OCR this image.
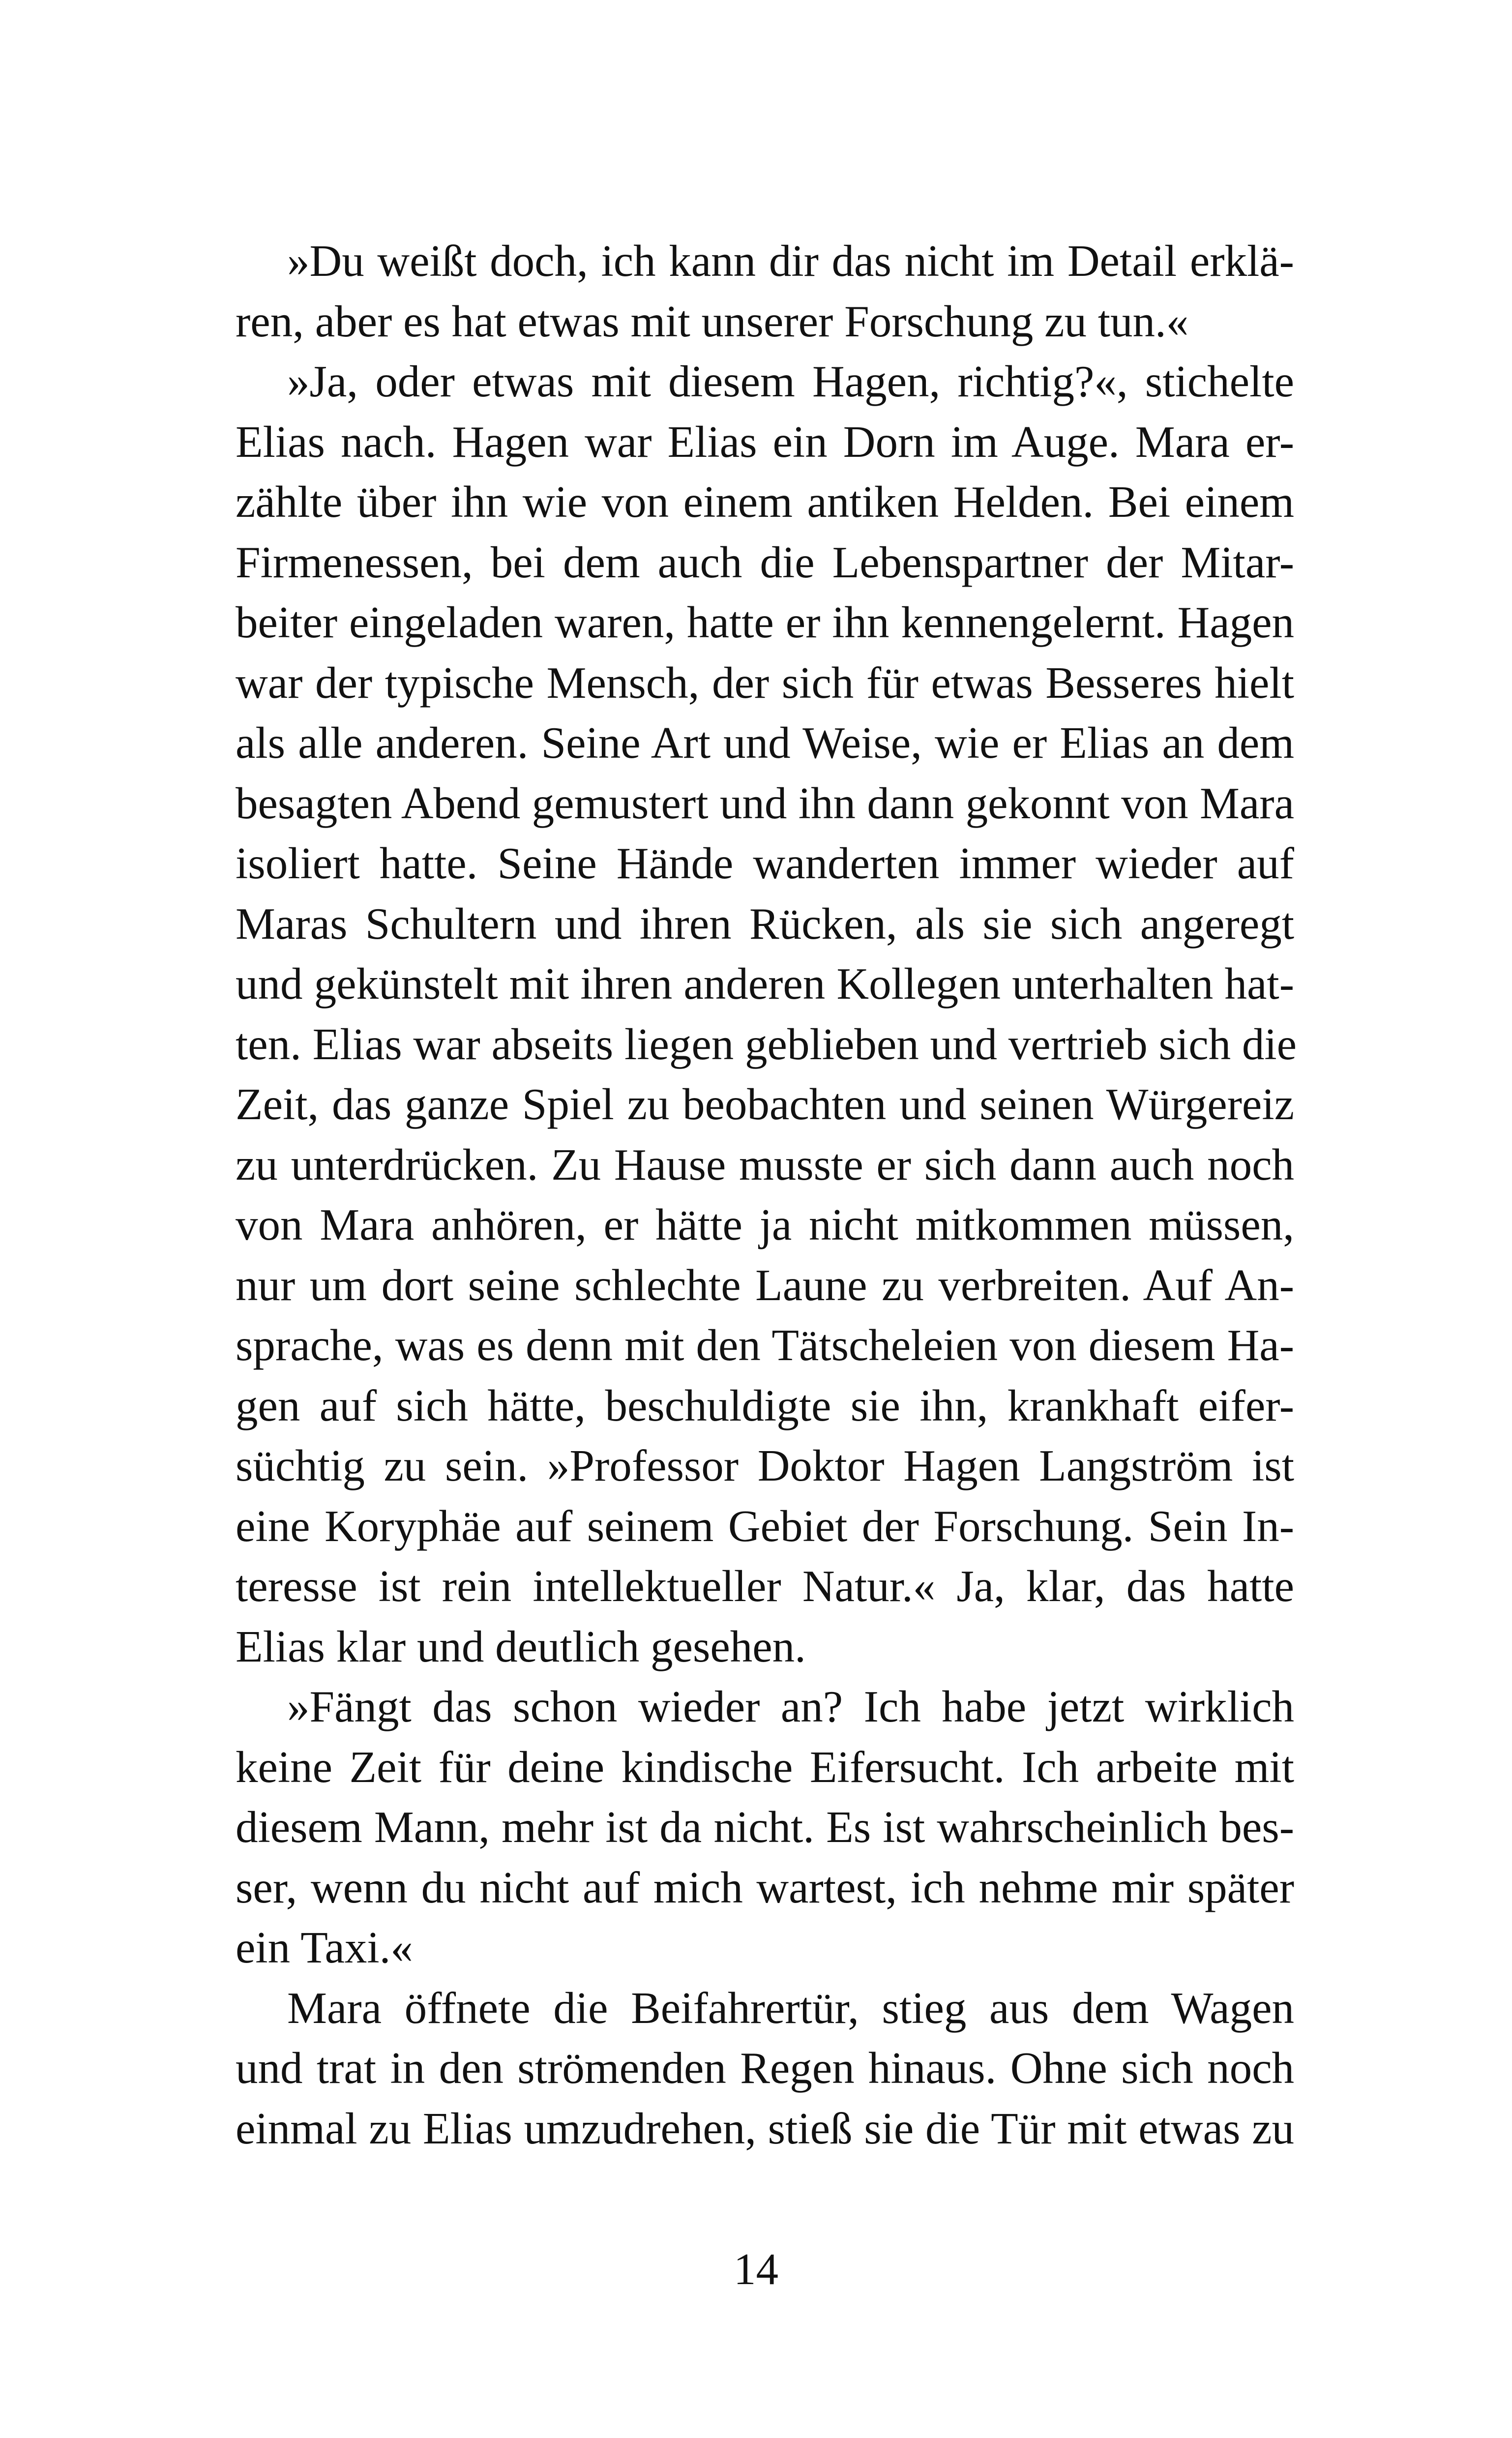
»Du weißt doch, ich kann dir das nicht im Detail erklä-
ren, aber es hat etwas mit unserer Forschung zu tun.«
»Ja, oder etwas mit diesem Hagen, richtig?«, stichelte
Elias nach. Hagen war Elias ein Dorn im Auge. Mara er-
zählte über ihn wie von einem antiken Helden. Bei einem
Firmenessen, bei dem auch die Lebenspartner der Mitar-
beiter eingeladen waren, hatte er ihn kennengelernt. Hagen
war der typische Mensch, der sich für etwas Besseres hielt
als alle anderen. Seine Art und Weise, wie er Elias an dem
besagten Abend gemustert und ihn dann gekonnt von Mara
isoliert hatte. Seine Hände wanderten immer wieder auf
Maras Schultern und ihren Rücken, als sie sich angeregt
und gekünstelt mit ihren anderen Kollegen unterhalten hat-
ten. Elias war abseits liegen geblieben und vertrieb sich die
Zeit, das ganze Spiel zu beobachten und seinen Würgereiz
zu unterdrücken. Zu Hause musste er sich dann auch noch
von Mara anhören, er hätte ja nicht mitkommen müssen,
nur um dort seine schlechte Laune zu verbreiten. Auf An-
sprache, was es denn mit den Tätscheleien von diesem Ha-
gen auf sich hätte, beschuldigte sie ihn, krankhaft eifer-
süchtig zu sein. »Professor Doktor Hagen Langström ist
eine Koryphäe auf seinem Gebiet der Forschung. Sein In-
teresse ist rein intellektueller Natur.« Ja, klar, das hatte
Elias klar und deutlich gesehen.
»Fängt das schon wieder an? Ich habe jetzt wirklich
keine Zeit für deine kindische Eifersucht. Ich arbeite mit
diesem Mann, mehr ist da nicht. Es ist wahrscheinlich bes-
ser, wenn du nicht auf mich wartest, ich nehme mir später
ein Taxi.«
Mara öffnete die Beifahrertür, stieg aus dem Wagen
und trat in den strömenden Regen hinaus. Ohne sich noch
einmal zu Elias umzudrehen, stieß sie die Tür mit etwas zu
14
